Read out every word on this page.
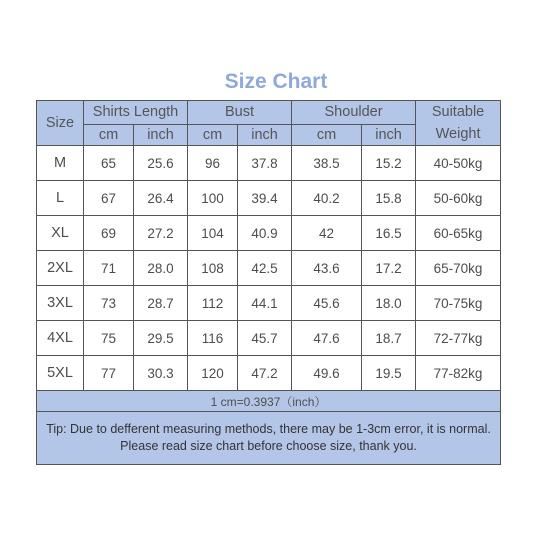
Size Chart
Size	Shirts Length		Bust		Shoulder		Suitable Weight
	cm	inch	cm	inch	cm	inch	
M	65	25.6	96	37.8	38.5	15.2	40-50kg
L	67	26.4	100	39.4	40.2	15.8	50-60kg
XL	69	27.2	104	40.9	42	16.5	60-65kg
2XL	71	28.0	108	42.5	43.6	17.2	65-70kg
3XL	73	28.7	112	44.1	45.6	18.0	70-75kg
4XL	75	29.5	116	45.7	47.6	18.7	72-77kg
5XL	77	30.3	120	47.2	49.6	19.5	77-82kg
1 cm=0.3937（inch）							

Tip: Due to defferent measuring methods, there may be 1-3cm error, it is normal.
Please read size chart before choose size, thank you.							
